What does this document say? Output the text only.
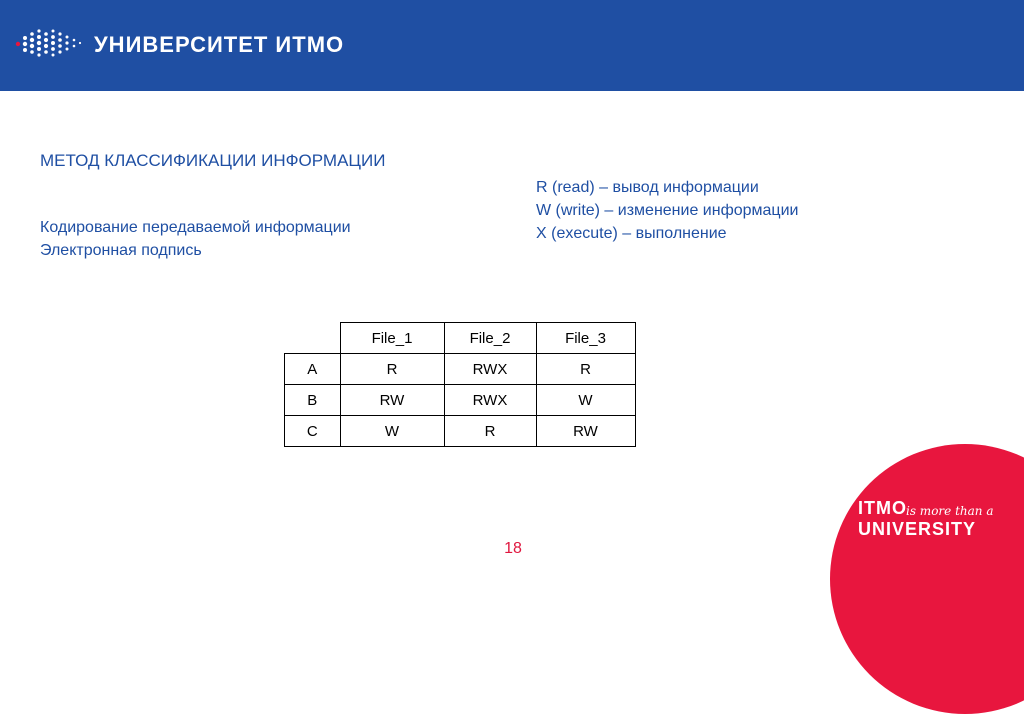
УНИВЕРСИТЕТ ИТМО
МЕТОД КЛАССИФИКАЦИИ ИНФОРМАЦИИ
Кодирование передаваемой информации
Электронная подпись
R (read) – вывод информации
W (write) – изменение информации
X (execute) – выполнение
	File_1	File_2	File_3
A	R	RWX	R
B	RW	RWX	W
C	W	R	RW
18
ITMO is more than a
UNIVERSITY
